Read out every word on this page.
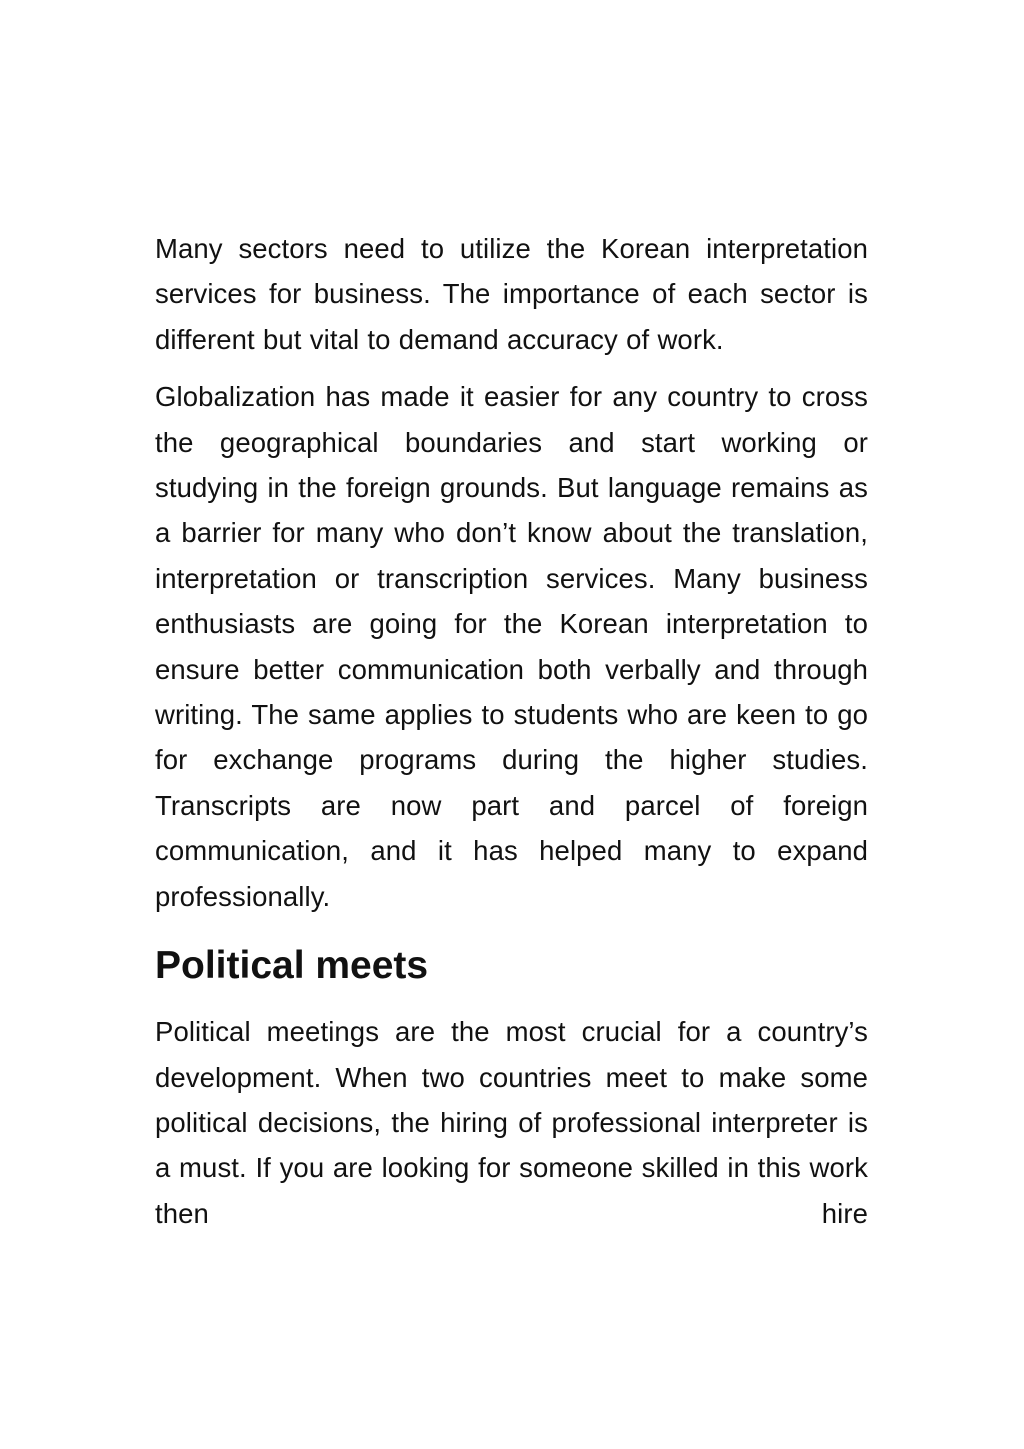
Many sectors need to utilize the Korean interpretation services for business. The importance of each sector is different but vital to demand accuracy of work.

Globalization has made it easier for any country to cross the geographical boundaries and start working or studying in the foreign grounds. But language remains as a barrier for many who don’t know about the translation, interpretation or transcription services. Many business enthusiasts are going for the Korean interpretation to ensure better communication both verbally and through writing. The same applies to students who are keen to go for exchange programs during the higher studies. Transcripts are now part and parcel of foreign communication, and it has helped many to expand professionally.

Political meets

Political meetings are the most crucial for a country’s development. When two countries meet to make some political decisions, the hiring of professional interpreter is a must. If you are looking for someone skilled in this work then hire
